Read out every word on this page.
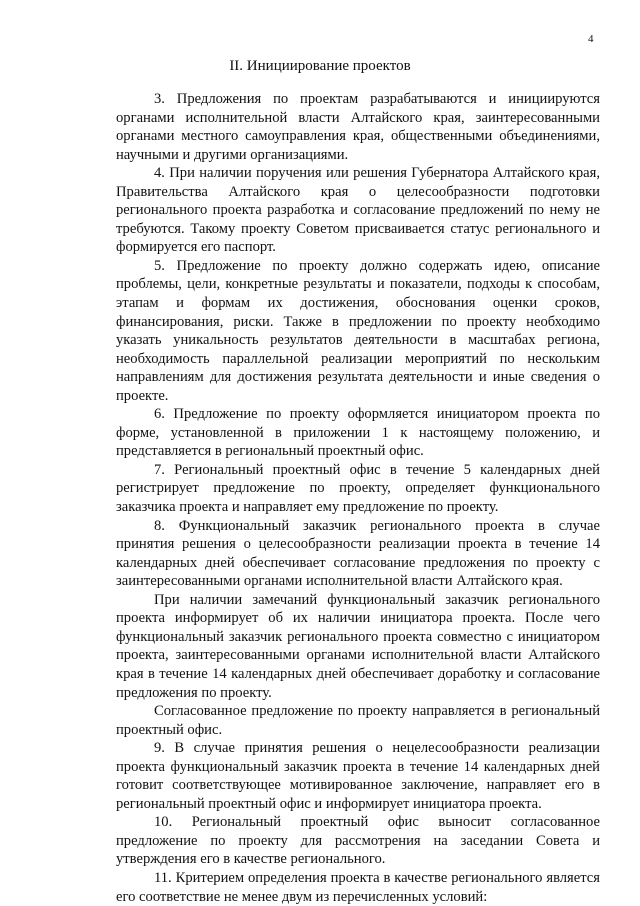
4
II. Инициирование проектов

3. Предложения по проектам разрабатываются и инициируются органами исполнительной власти Алтайского края, заинтересованными органами местного самоуправления края, общественными объединениями, научными и другими организациями.

4. При наличии поручения или решения Губернатора Алтайского края, Правительства Алтайского края о целесообразности подготовки регионального проекта разработка и согласование предложений по нему не требуются. Такому проекту Советом присваивается статус регионального и формируется его паспорт.

5. Предложение по проекту должно содержать идею, описание проблемы, цели, конкретные результаты и показатели, подходы к способам, этапам и формам их достижения, обоснования оценки сроков, финансирования, риски. Также в предложении по проекту необходимо указать уникальность результатов деятельности в масштабах региона, необходимость параллельной реализации мероприятий по нескольким направлениям для достижения результата деятельности и иные сведения о проекте.

6. Предложение по проекту оформляется инициатором проекта по форме, установленной в приложении 1 к настоящему положению, и представляется в региональный проектный офис.

7. Региональный проектный офис в течение 5 календарных дней регистрирует предложение по проекту, определяет функционального заказчика проекта и направляет ему предложение по проекту.

8. Функциональный заказчик регионального проекта в случае принятия решения о целесообразности реализации проекта в течение 14 календарных дней обеспечивает согласование предложения по проекту с заинтересованными органами исполнительной власти Алтайского края.

При наличии замечаний функциональный заказчик регионального проекта информирует об их наличии инициатора проекта. После чего функциональный заказчик регионального проекта совместно с инициатором проекта, заинтересованными органами исполнительной власти Алтайского края в течение 14 календарных дней обеспечивает доработку и согласование предложения по проекту.

Согласованное предложение по проекту направляется в региональный проектный офис.

9. В случае принятия решения о нецелесообразности реализации проекта функциональный заказчик проекта в течение 14 календарных дней готовит соответствующее мотивированное заключение, направляет его в региональный проектный офис и информирует инициатора проекта.

10. Региональный проектный офис выносит согласованное предложение по проекту для рассмотрения на заседании Совета и утверждения его в качестве регионального.

11. Критерием определения проекта в качестве регионального является его соответствие не менее двум из перечисленных условий:
